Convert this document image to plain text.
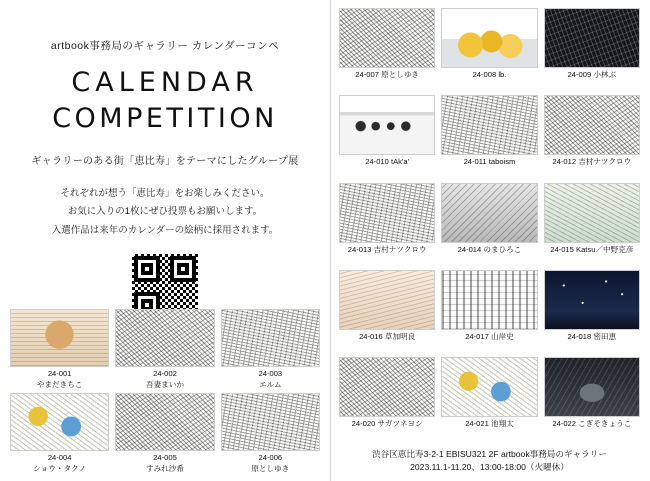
artbook事務局のギャラリー カレンダーコンペ
CALENDAR
COMPETITION
ギャラリーのある街「恵比寿」をテーマにしたグループ展
それぞれが想う「恵比寿」をお楽しみください。
お気に入りの1枚にぜひ投票もお願いします。
入選作品は来年のカレンダーの絵柄に採用されます。
24-001
やまだきちこ
24-002
吾妻まいか
24-003
エルム
24-004
ショウ・タクノ
24-005
すみれ沙希
24-006
原としゆき
24-007 原としゆき	24-008 lb.	24-009 小林ぶ
24-010 tAk'a'	24-011 taboism	24-012 吉村ナツクロウ
24-013 吉村ナツクロウ	24-014 のまひろこ	24-015 Katsu／中野克彦
24-016 草加明良	24-017 山岸史	24-018 密田恵
24-020 サガツネヨシ	24-021 池翔太	24-022 こぎそきょうこ
渋谷区恵比寿3-2-1 EBISU321 2F artbook事務局のギャラリー
2023.11.1‐11.20、13:00‐18:00（火曜休）
